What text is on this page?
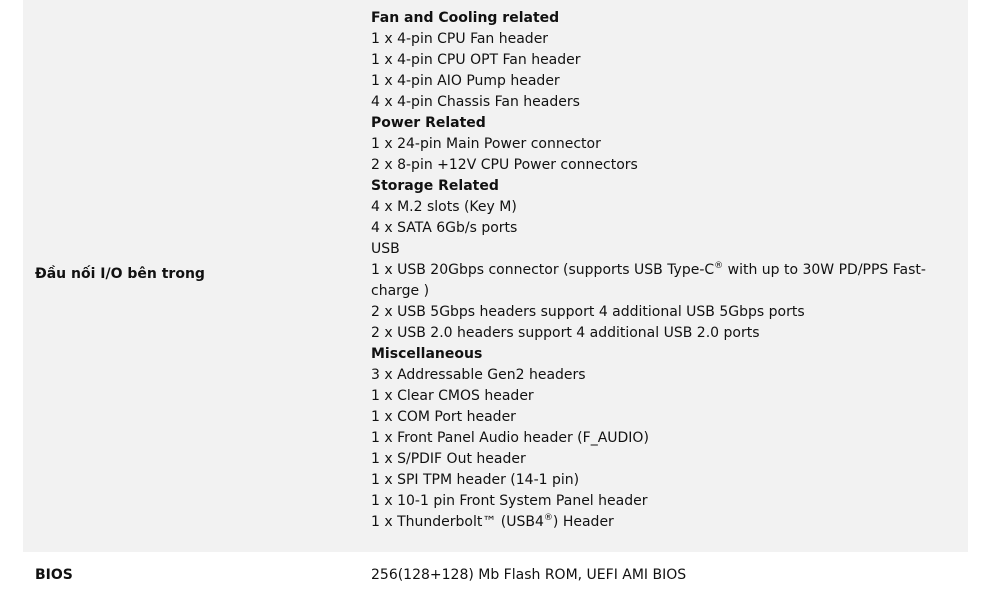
Đầu nối I/O bên trong
Fan and Cooling related
1 x 4-pin CPU Fan header
1 x 4-pin CPU OPT Fan header
1 x 4-pin AIO Pump header
4 x 4-pin Chassis Fan headers
Power Related
1 x 24-pin Main Power connector
2 x 8-pin +12V CPU Power connectors
Storage Related
4 x M.2 slots (Key M)
4 x SATA 6Gb/s ports
USB
1 x USB 20Gbps connector (supports USB Type-C® with up to 30W PD/PPS Fast-charge )
2 x USB 5Gbps headers support 4 additional USB 5Gbps ports
2 x USB 2.0 headers support 4 additional USB 2.0 ports
Miscellaneous
3 x Addressable Gen2 headers
1 x Clear CMOS header
1 x COM Port header
1 x Front Panel Audio header (F_AUDIO)
1 x S/PDIF Out header
1 x SPI TPM header (14-1 pin)
1 x 10-1 pin Front System Panel header
1 x Thunderbolt™ (USB4®) Header
BIOS	256(128+128) Mb Flash ROM, UEFI AMI BIOS
